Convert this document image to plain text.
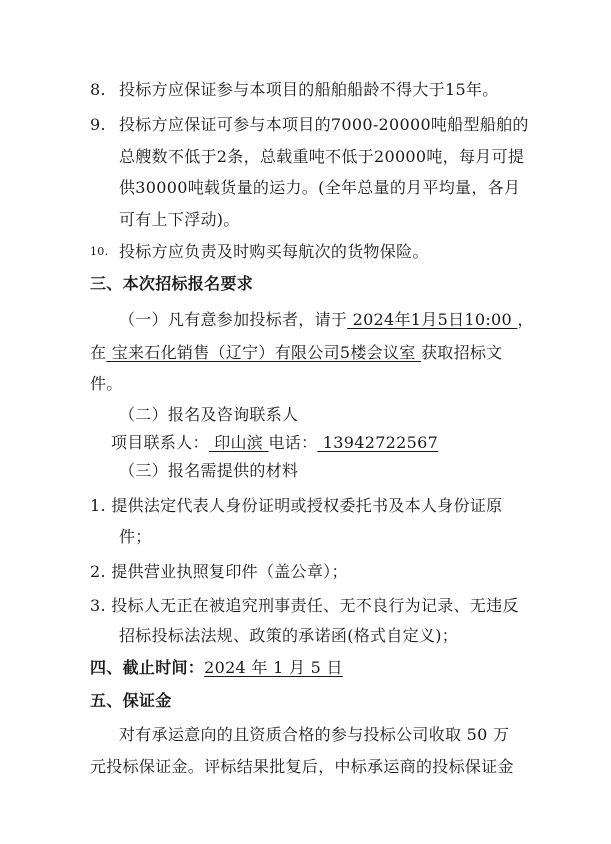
8. 投标方应保证参与本项目的船舶船龄不得大于15年。
9. 投标方应保证可参与本项目的7000-20000吨船型船舶的
总艘数不低于2条，总载重吨不低于20000吨，每月可提
供30000吨载货量的运力。(全年总量的月平均量，各月
可有上下浮动)。
10. 投标方应负责及时购买每航次的货物保险。
三、本次招标报名要求
（一）凡有意参加投标者，请于 2024年1月5日10:00 ，
在 宝来石化销售（辽宁）有限公司5楼会议室 获取招标文
件。
（二）报名及咨询联系人
项目联系人： 印山滨 电话： 13942722567
（三）报名需提供的材料
1. 提供法定代表人身份证明或授权委托书及本人身份证原
件；
2. 提供营业执照复印件（盖公章）；
3. 投标人无正在被追究刑事责任、无不良行为记录、无违反
招标投标法法规、政策的承诺函(格式自定义)；
四、截止时间：2024 年 1 月 5 日
五、保证金
对有承运意向的且资质合格的参与投标公司收取 50 万
元投标保证金。评标结果批复后，中标承运商的投标保证金
